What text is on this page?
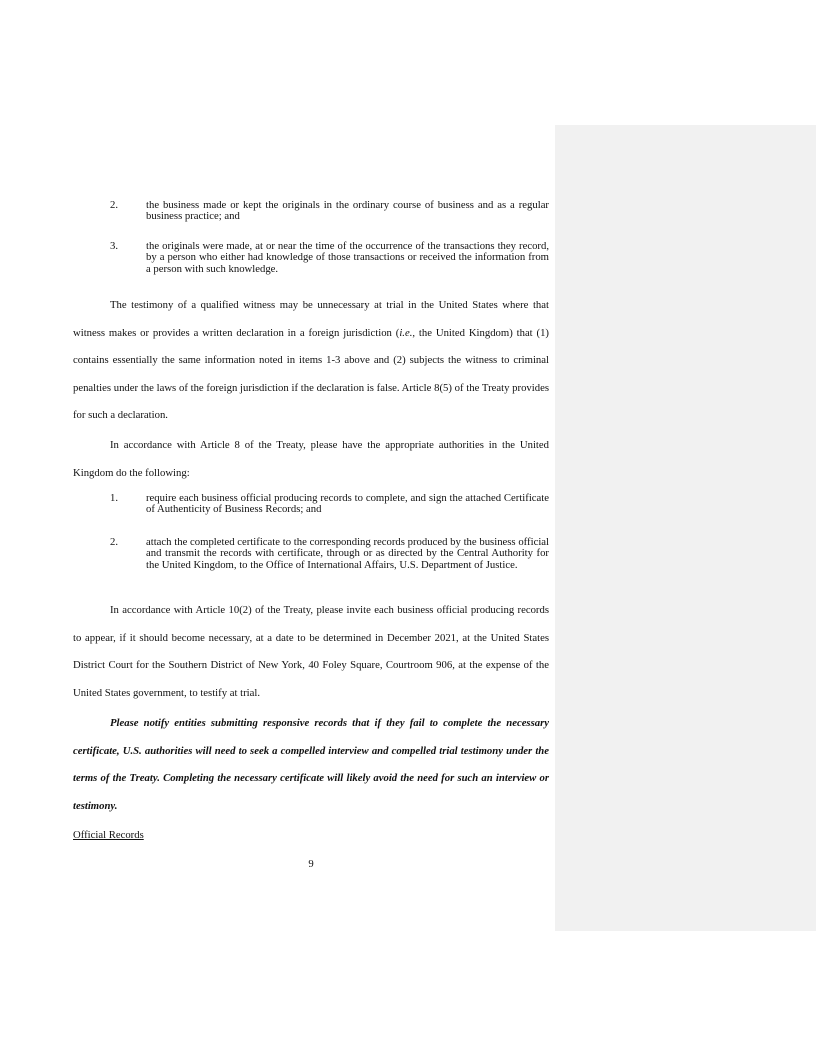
2.	the business made or kept the originals in the ordinary course of business and as a regular business practice; and
3.	the originals were made, at or near the time of the occurrence of the transactions they record, by a person who either had knowledge of those transactions or received the information from a person with such knowledge.
The testimony of a qualified witness may be unnecessary at trial in the United States where that witness makes or provides a written declaration in a foreign jurisdiction (i.e., the United Kingdom) that (1) contains essentially the same information noted in items 1-3 above and (2) subjects the witness to criminal penalties under the laws of the foreign jurisdiction if the declaration is false. Article 8(5) of the Treaty provides for such a declaration.
In accordance with Article 8 of the Treaty, please have the appropriate authorities in the United Kingdom do the following:
1.	require each business official producing records to complete, and sign the attached Certificate of Authenticity of Business Records; and
2.	attach the completed certificate to the corresponding records produced by the business official and transmit the records with certificate, through or as directed by the Central Authority for the United Kingdom, to the Office of International Affairs, U.S. Department of Justice.
In accordance with Article 10(2) of the Treaty, please invite each business official producing records to appear, if it should become necessary, at a date to be determined in December 2021, at the United States District Court for the Southern District of New York, 40 Foley Square, Courtroom 906, at the expense of the United States government, to testify at trial.
Please notify entities submitting responsive records that if they fail to complete the necessary certificate, U.S. authorities will need to seek a compelled interview and compelled trial testimony under the terms of the Treaty. Completing the necessary certificate will likely avoid the need for such an interview or testimony.
Official Records
9
